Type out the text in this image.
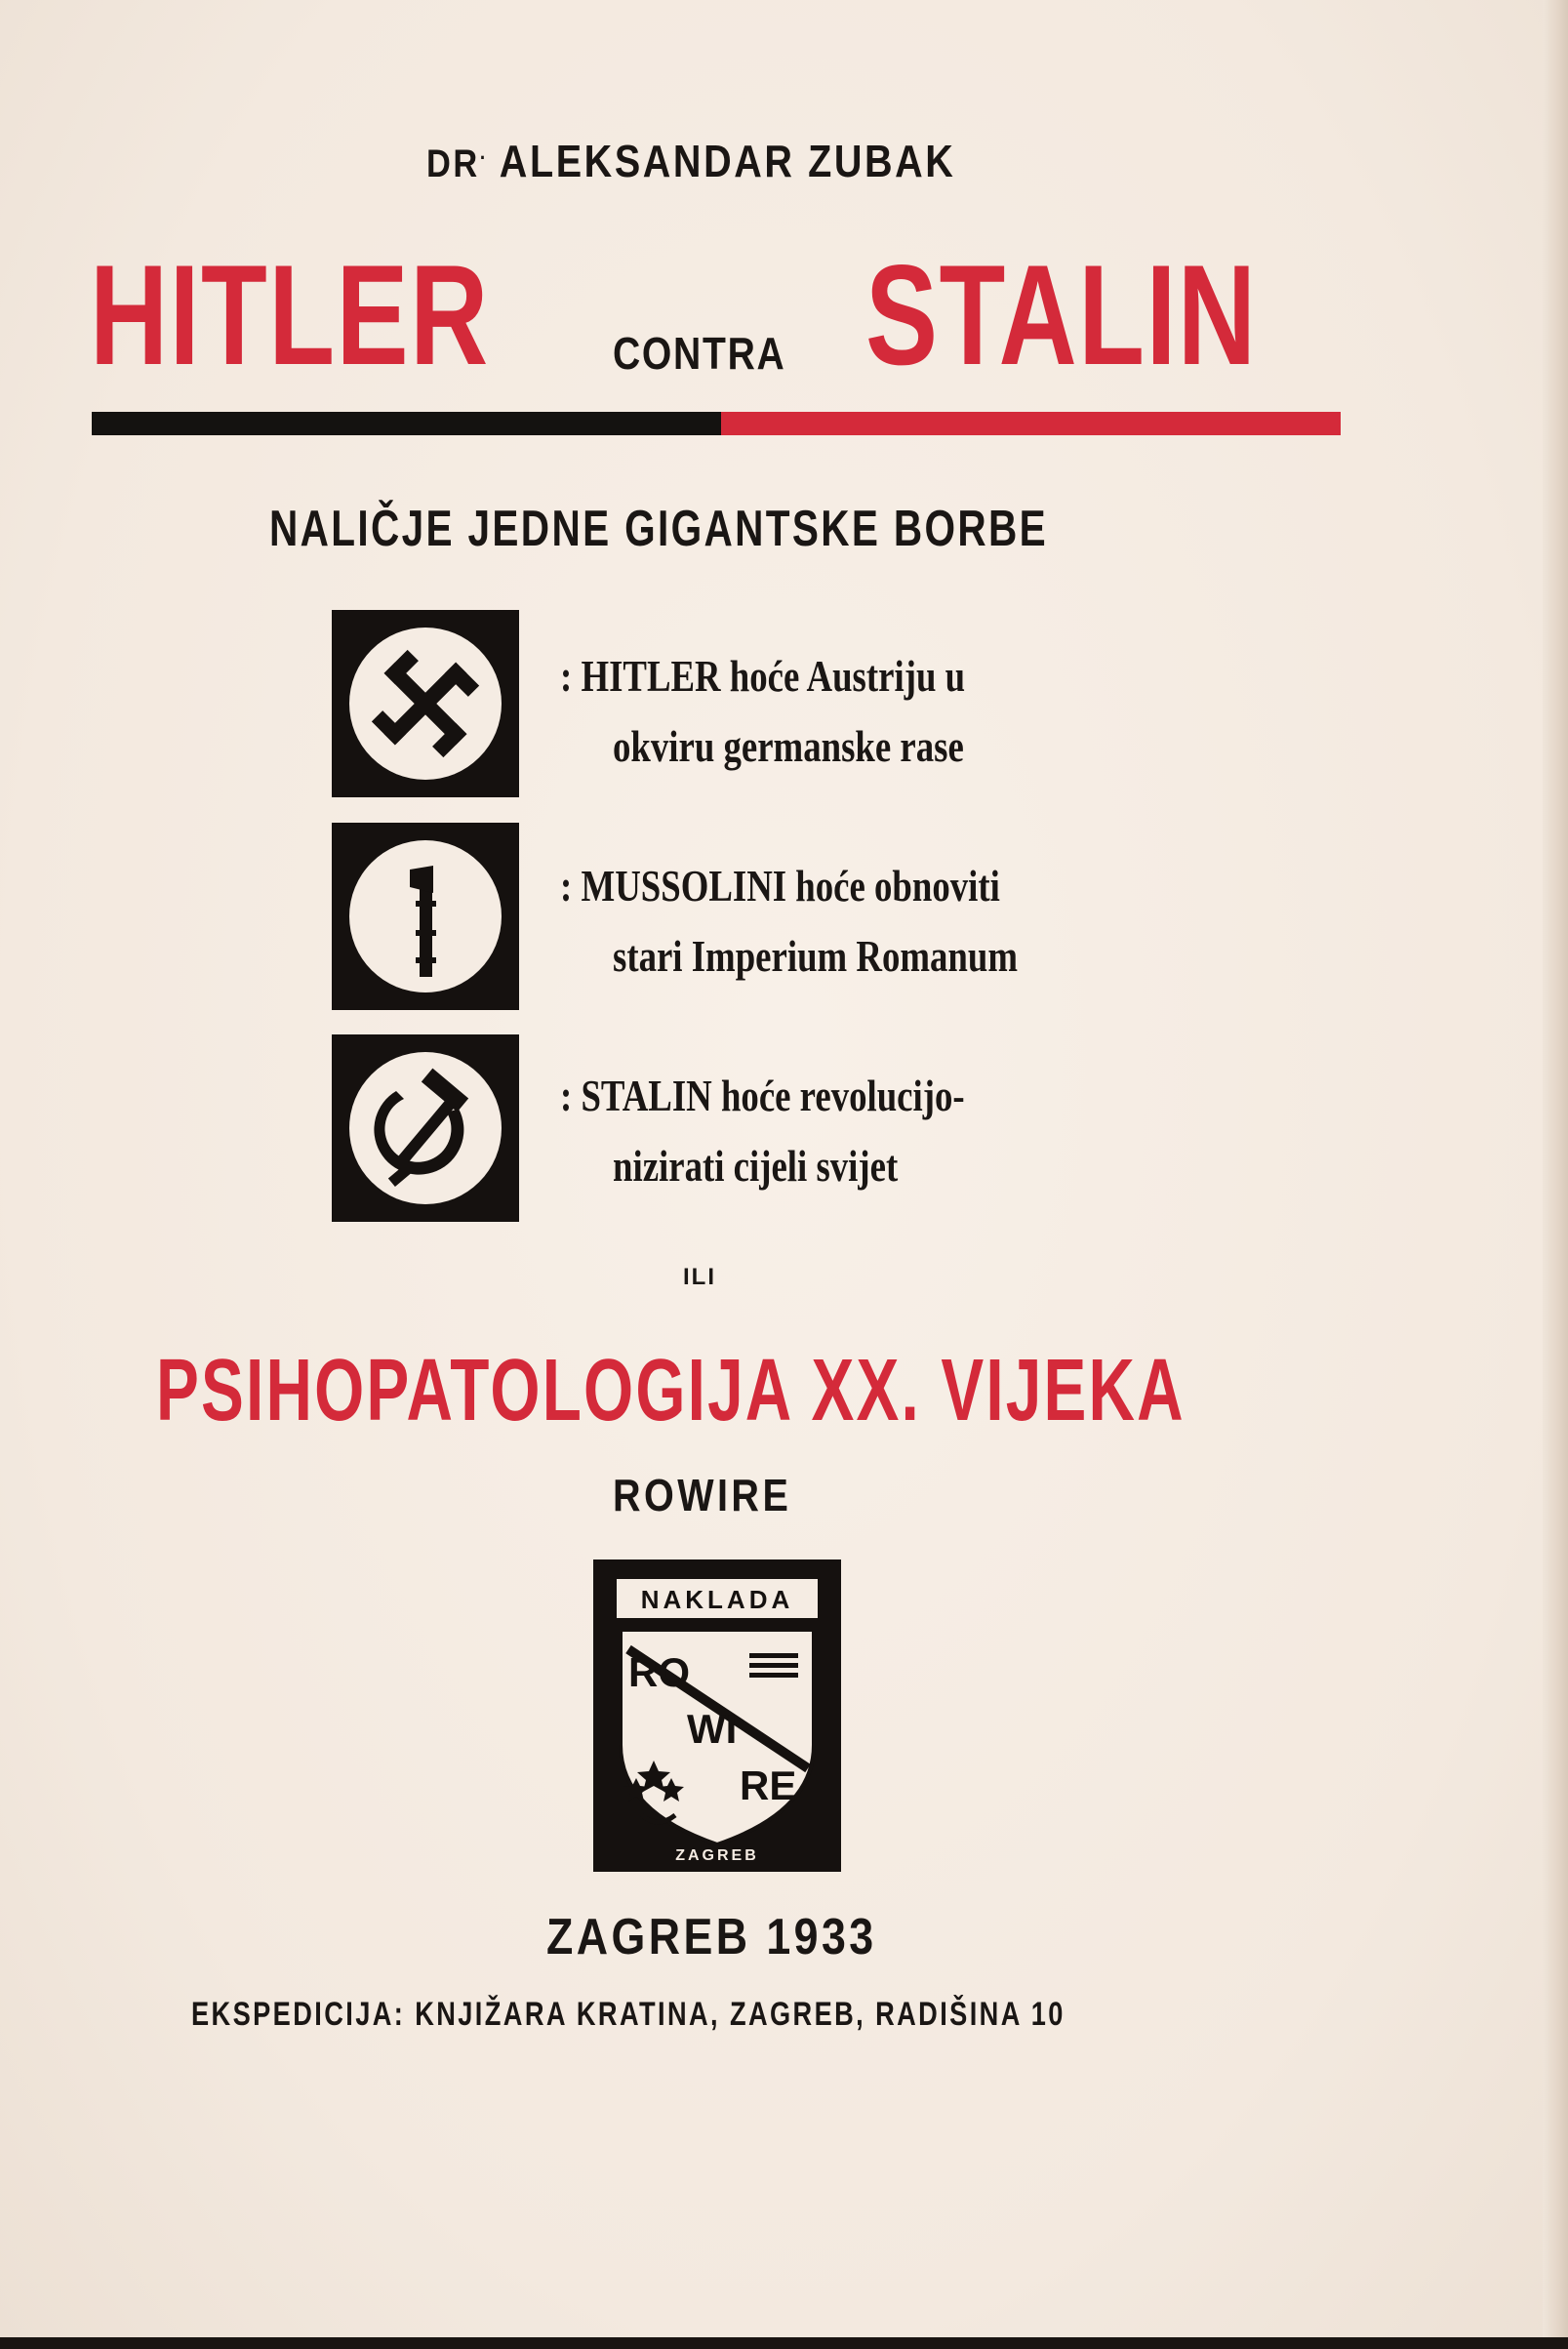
DR. ALEKSANDAR ZUBAK
HITLER	CONTRA STALIN
NALIČJE JEDNE GIGANTSKE BORBE
: HITLER hoće Austriju u
okviru germanske rase
: MUSSOLINI hoće obnoviti
stari Imperium Romanum
: STALIN hoće revolucijo-
nizirati cijeli svijet
ILI
PSIHOPATOLOGIJA XX. VIJEKA
ROWIRE
NAKLADA
RO
WI
RE
ZAGREB
ZAGREB 1933
EKSPEDICIJA: KNJIŽARA KRATINA, ZAGREB, RADIŠINA 10
